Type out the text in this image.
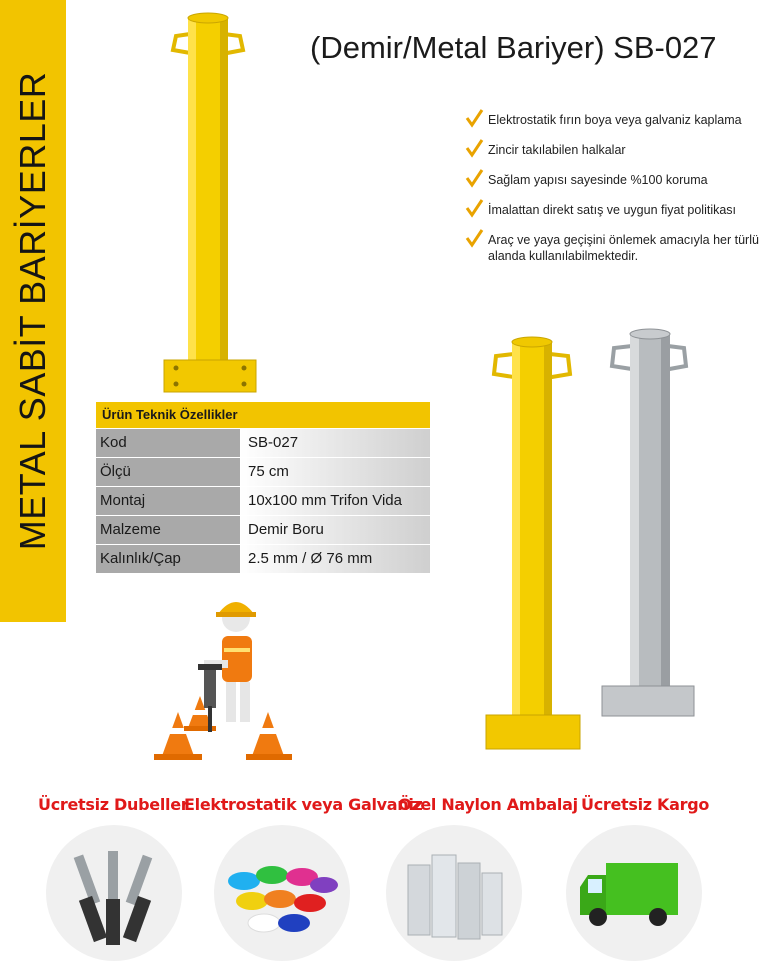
METAL SABİT BARİYERLER
(Demir/Metal Bariyer) SB-027
Elektrostatik fırın boya veya galvaniz kaplama
Zincir takılabilen halkalar
Sağlam yapısı sayesinde %100 koruma
İmalattan direkt satış ve uygun fiyat politikası
Araç ve yaya geçişini önlemek amacıyla her türlü alanda kullanılabilmektedir.
Ürün Teknik Özellikler
Kod	SB-027
Ölçü	75 cm
Montaj	10x100 mm Trifon Vida
Malzeme	Demir Boru
Kalınlık/Çap	2.5 mm / Ø 76 mm
Ücretsiz Dubeller
Elektrostatik veya Galvaniz
Özel Naylon Ambalaj Ücretsiz Kargo
